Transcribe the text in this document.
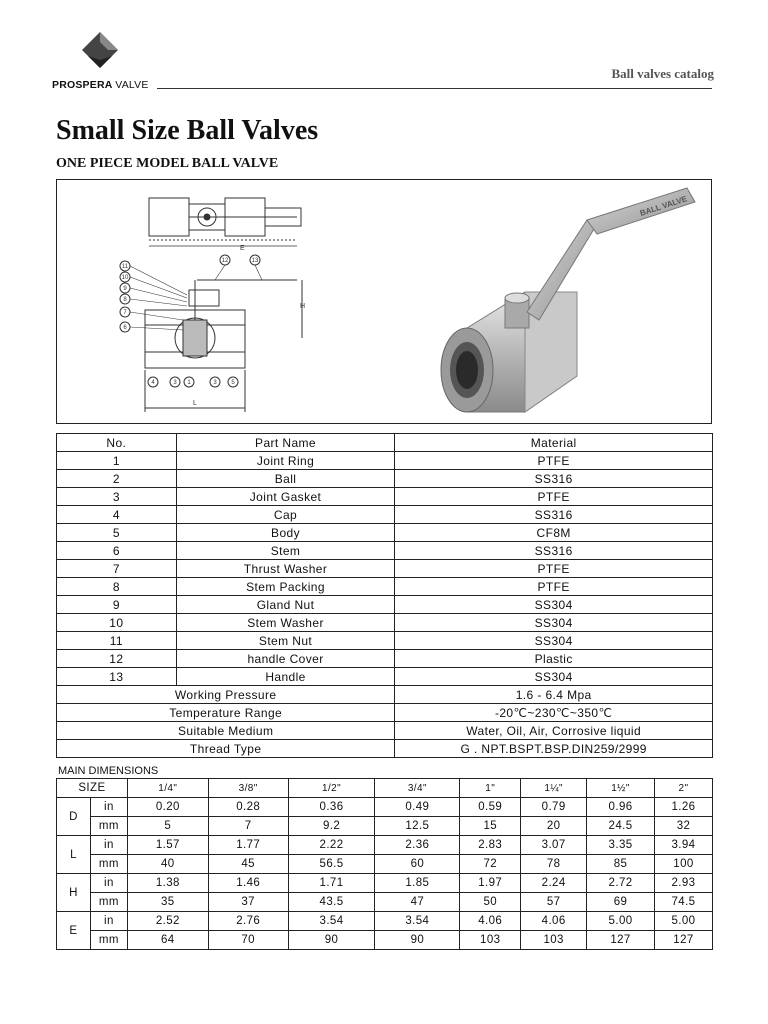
PROSPERA VALVE
Ball valves catalog
Small Size Ball Valves
ONE PIECE MODEL BALL VALVE
E
H
L
11
10
9
8
7
6
12	13
4	3 1	3 5
BALL VALVE
No.	Part Name	Material
1	Joint Ring	PTFE
2	Ball	SS316
3	Joint Gasket	PTFE
4	Cap	SS316
5	Body	CF8M
6	Stem	SS316
7	Thrust Washer	PTFE
8	Stem Packing	PTFE
9	Gland Nut	SS304
10	Stem Washer	SS304
11	Stem Nut	SS304
12	handle Cover	Plastic
13	Handle	SS304
Working Pressure		1.6 - 6.4 Mpa
Temperature Range		-20℃~230℃~350℃
Suitable Medium		Water, Oil, Air, Corrosive liquid
Thread Type		G . NPT.BSPT.BSP.DIN259/2999
MAIN DIMENSIONS
SIZE		1/4"	3/8"	1/2"	3/4"	1"	1¼"	1½"	2"
D	in	0.20	0.28	0.36	0.49	0.59	0.79	0.96	1.26
	mm	5	7	9.2	12.5	15	20	24.5	32
L	in	1.57	1.77	2.22	2.36	2.83	3.07	3.35	3.94
	mm	40	45	56.5	60	72	78	85	100
H	in	1.38	1.46	1.71	1.85	1.97	2.24	2.72	2.93
	mm	35	37	43.5	47	50	57	69	74.5
E	in	2.52	2.76	3.54	3.54	4.06	4.06	5.00	5.00
	mm	64	70	90	90	103	103	127	127
